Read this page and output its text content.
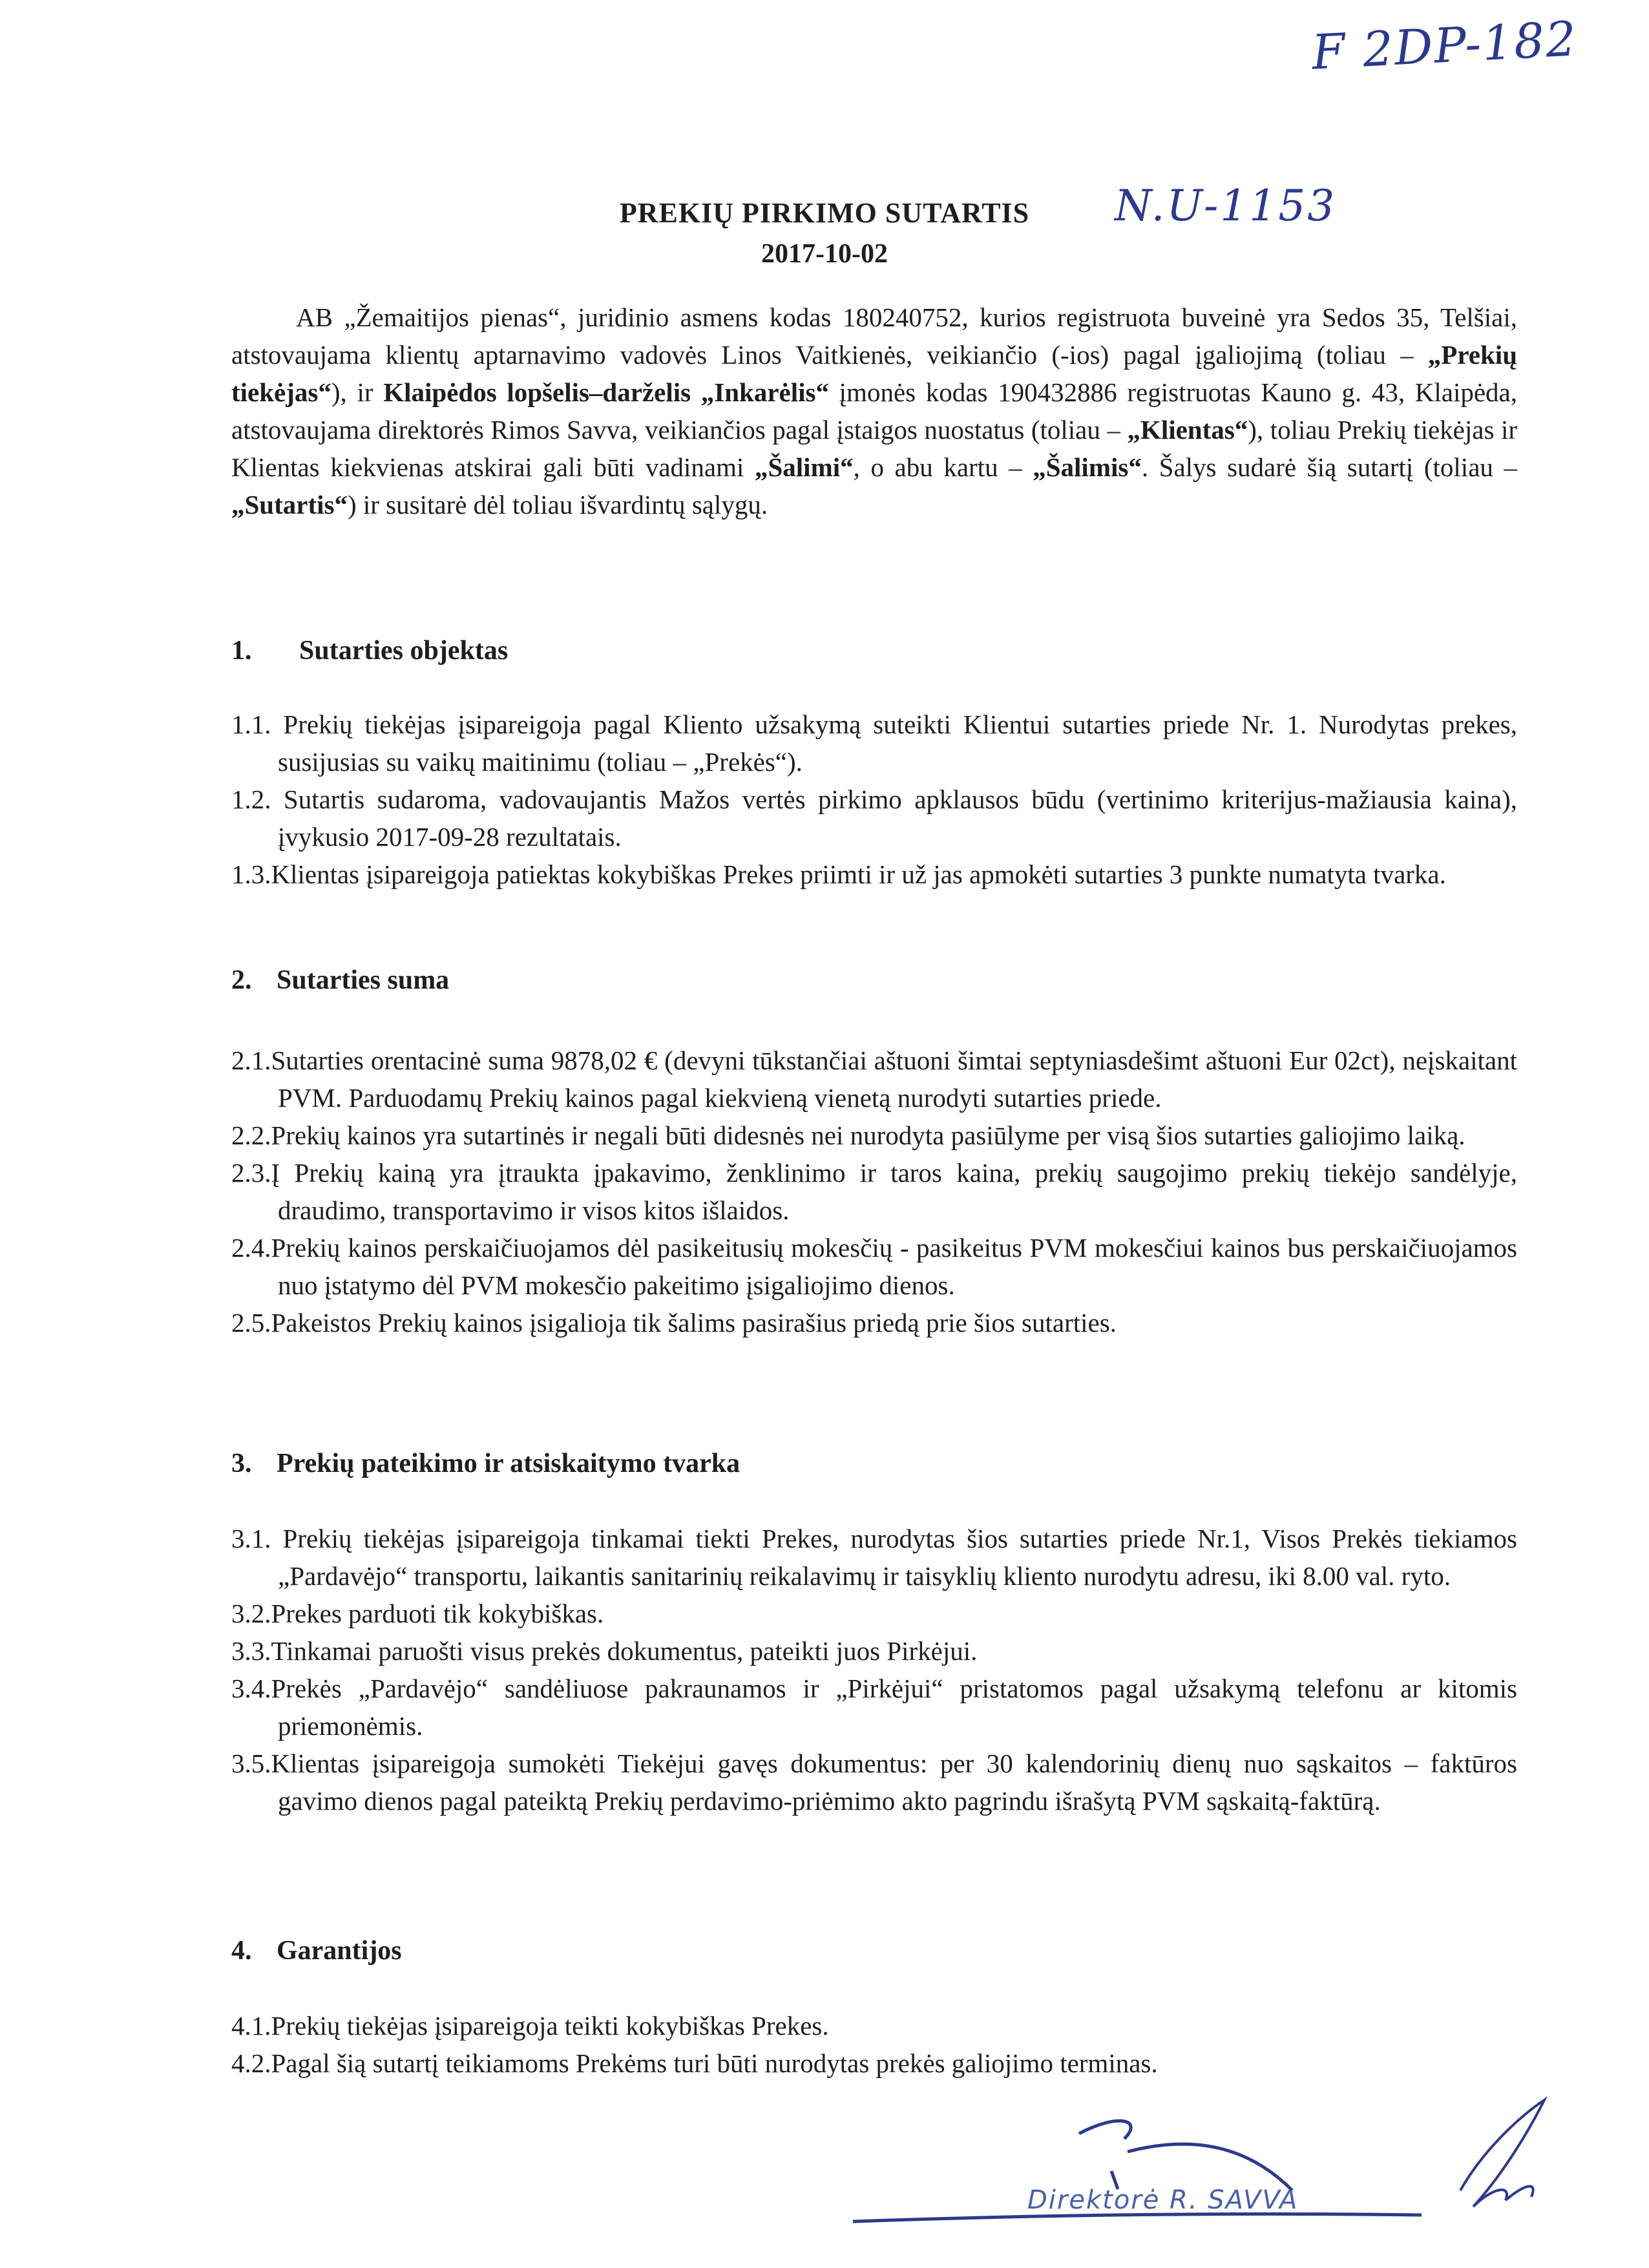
F 2DP-182
PREKIŲ PIRKIMO SUTARTIS
2017-10-02
N.U-1153
AB „Žemaitijos pienas“, juridinio asmens kodas 180240752, kurios registruota buveinė yra Sedos 35, Telšiai, atstovaujama klientų aptarnavimo vadovės Linos Vaitkienės, veikiančio (-ios) pagal įgaliojimą (toliau – „Prekių tiekėjas“), ir Klaipėdos lopšelis–darželis „Inkarėlis“ įmonės kodas 190432886 registruotas Kauno g. 43, Klaipėda, atstovaujama direktorės Rimos Savva, veikiančios pagal įstaigos nuostatus (toliau – „Klientas“), toliau Prekių tiekėjas ir Klientas kiekvienas atskirai gali būti vadinami „Šalimi“, o abu kartu – „Šalimis“. Šalys sudarė šią sutartį (toliau – „Sutartis“) ir susitarė dėl toliau išvardintų sąlygų.
1. Sutarties objektas
1.1. Prekių tiekėjas įsipareigoja pagal Kliento užsakymą suteikti Klientui sutarties priede Nr. 1. Nurodytas prekes, susijusias su vaikų maitinimu (toliau – „Prekės“).
1.2. Sutartis sudaroma, vadovaujantis Mažos vertės pirkimo apklausos būdu (vertinimo kriterijus-mažiausia kaina), įvykusio 2017-09-28 rezultatais.
1.3.Klientas įsipareigoja patiektas kokybiškas Prekes priimti ir už jas apmokėti sutarties 3 punkte numatyta tvarka.
2. Sutarties suma
2.1.Sutarties orentacinė suma 9878,02 € (devyni tūkstančiai aštuoni šimtai septyniasdešimt aštuoni Eur 02ct), neįskaitant PVM. Parduodamų Prekių kainos pagal kiekvieną vienetą nurodyti sutarties priede.
2.2.Prekių kainos yra sutartinės ir negali būti didesnės nei nurodyta pasiūlyme per visą šios sutarties galiojimo laiką.
2.3.Į Prekių kainą yra įtraukta įpakavimo, ženklinimo ir taros kaina, prekių saugojimo prekių tiekėjo sandėlyje, draudimo, transportavimo ir visos kitos išlaidos.
2.4.Prekių kainos perskaičiuojamos dėl pasikeitusių mokesčių - pasikeitus PVM mokesčiui kainos bus perskaičiuojamos nuo įstatymo dėl PVM mokesčio pakeitimo įsigaliojimo dienos.
2.5.Pakeistos Prekių kainos įsigalioja tik šalims pasirašius priedą prie šios sutarties.
3. Prekių pateikimo ir atsiskaitymo tvarka
3.1. Prekių tiekėjas įsipareigoja tinkamai tiekti Prekes, nurodytas šios sutarties priede Nr.1, Visos Prekės tiekiamos „Pardavėjo“ transportu, laikantis sanitarinių reikalavimų ir taisyklių kliento nurodytu adresu, iki 8.00 val. ryto.
3.2.Prekes parduoti tik kokybiškas.
3.3.Tinkamai paruošti visus prekės dokumentus, pateikti juos Pirkėjui.
3.4.Prekės „Pardavėjo“ sandėliuose pakraunamos ir „Pirkėjui“ pristatomos pagal užsakymą telefonu ar kitomis priemonėmis.
3.5.Klientas įsipareigoja sumokėti Tiekėjui gavęs dokumentus: per 30 kalendorinių dienų nuo sąskaitos – faktūros gavimo dienos pagal pateiktą Prekių perdavimo-priėmimo akto pagrindu išrašytą PVM sąskaitą-faktūrą.
4. Garantijos
4.1.Prekių tiekėjas įsipareigoja teikti kokybiškas Prekes.
4.2.Pagal šią sutartį teikiamoms Prekėms turi būti nurodytas prekės galiojimo terminas.
Direktorė R. SAVVA
